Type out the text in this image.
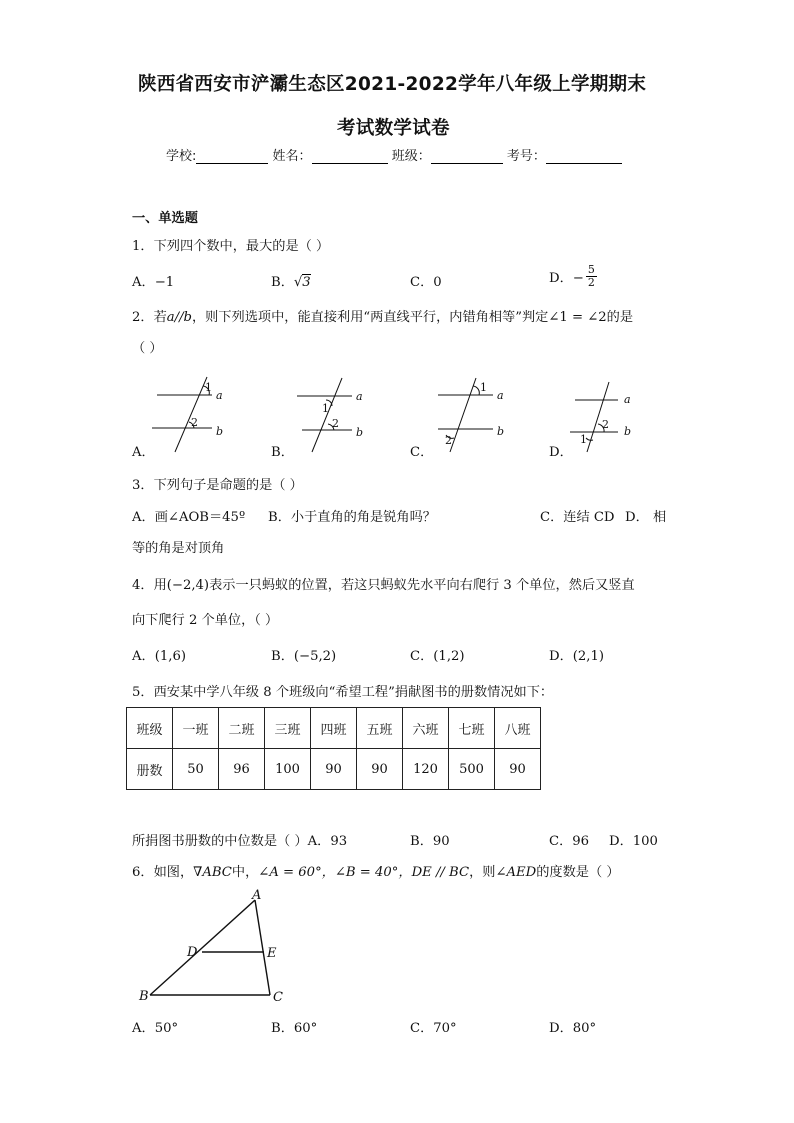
陕西省西安市浐灞生态区2021-2022学年八年级上学期期末
考试数学试卷
学校:	姓名：	班级：	考号：
一、单选题
1．下列四个数中，最大的是（ ）
A．−1	B．√3	C．0	D．− $\frac{5}{2}$
2．若a//b，则下列选项中，能直接利用“两直线平行，内错角相等”判定∠1 = ∠2的是
（ ）
1
2
a
b
1
2
a
b
1
2
a
b
2
1
a
b
A．	B．	C．	D．
3．下列句子是命题的是（ ）
A．画∠AOB＝45º B．小于直角的角是锐角吗？	C．连结 CD D． 相
等的角是对顶角
4．用(−2,4)表示一只蚂蚁的位置，若这只蚂蚁先水平向右爬行 3 个单位，然后又竖直
向下爬行 2 个单位，（ ）
A．(1,6)	B．(−5,2)	C．(1,2)	D．(2,1)
5．西安某中学八年级 8 个班级向“希望工程”捐献图书的册数情况如下：
班级	一班	二班	三班	四班	五班	六班	七班	八班
册数	50	96	100	90	90	120	500	90
所捐图书册数的中位数是（ ）A．93	B．90	C．96 D．100
6．如图，∇ABC中，∠A = 60°，∠B = 40°，DE // BC，则∠AED的度数是（ ）
A
B	C
D	E
A．50°	B．60°	C．70°	D．80°
